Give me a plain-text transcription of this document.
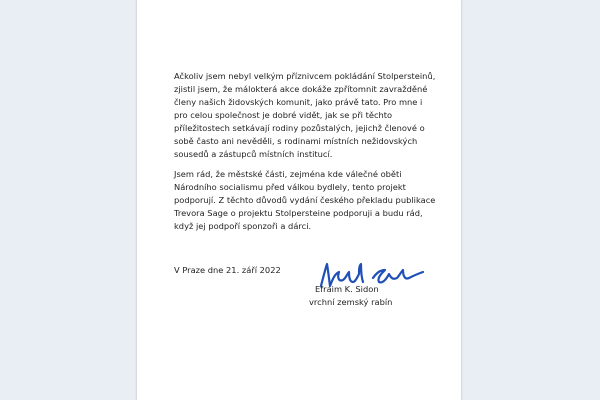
Ačkoliv jsem nebyl velkým příznivcem pokládání Stolpersteinů, zjistil jsem, že málokterá akce dokáže zpřítomnit zavražděné členy našich židovských komunit, jako právě tato. Pro mne i pro celou společnost je dobré vidět, jak se při těchto příležitostech setkávají rodiny pozůstalých, jejichž členové o sobě často ani nevěděli, s rodinami místních nežidovských sousedů a zástupců místních institucí.

Jsem rád, že městské části, zejména kde válečné oběti Národního socialismu před válkou bydlely, tento projekt podporují. Z těchto důvodů vydání českého překladu publikace Trevora Sage o projektu Stolpersteine podporuji a budu rád, když jej podpoří sponzoři a dárci.

V Praze dne 21. září 2022
Efraim K. Sidon
vrchní zemský rabín
